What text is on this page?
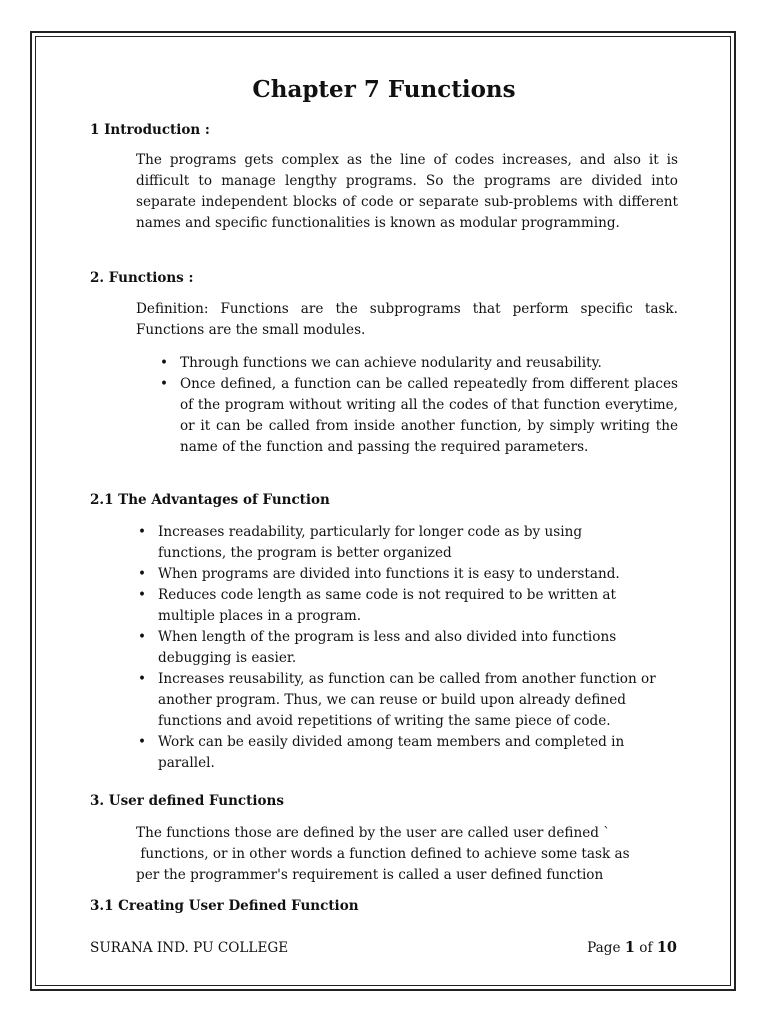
Chapter 7 Functions
1 Introduction :

The programs gets complex as the line of codes increases, and also it is difficult to manage lengthy programs. So the programs are divided into separate independent blocks of code or separate sub-problems with different names and specific functionalities is known as modular programming.

2. Functions :

Definition: Functions are the subprograms that perform specific task. Functions are the small modules.

• Through functions we can achieve nodularity and reusability.
• Once defined, a function can be called repeatedly from different places of the program without writing all the codes of that function everytime, or it can be called from inside another function, by simply writing the name of the function and passing the required parameters.
2.1 The Advantages of Function
• Increases readability, particularly for longer code as by using functions, the program is better organized
• When programs are divided into functions it is easy to understand.
• Reduces code length as same code is not required to be written at multiple places in a program.
• When length of the program is less and also divided into functions debugging is easier.
• Increases reusability, as function can be called from another function or another program. Thus, we can reuse or build upon already defined functions and avoid repetitions of writing the same piece of code.
• Work can be easily divided among team members and completed in parallel.
3. User defined Functions
The functions those are defined by the user are called user defined `
functions, or in other words a function defined to achieve some task as
per the programmer's requirement is called a user defined function
3.1 Creating User Defined Function
SURANA IND. PU COLLEGE	Page 1 of 10
